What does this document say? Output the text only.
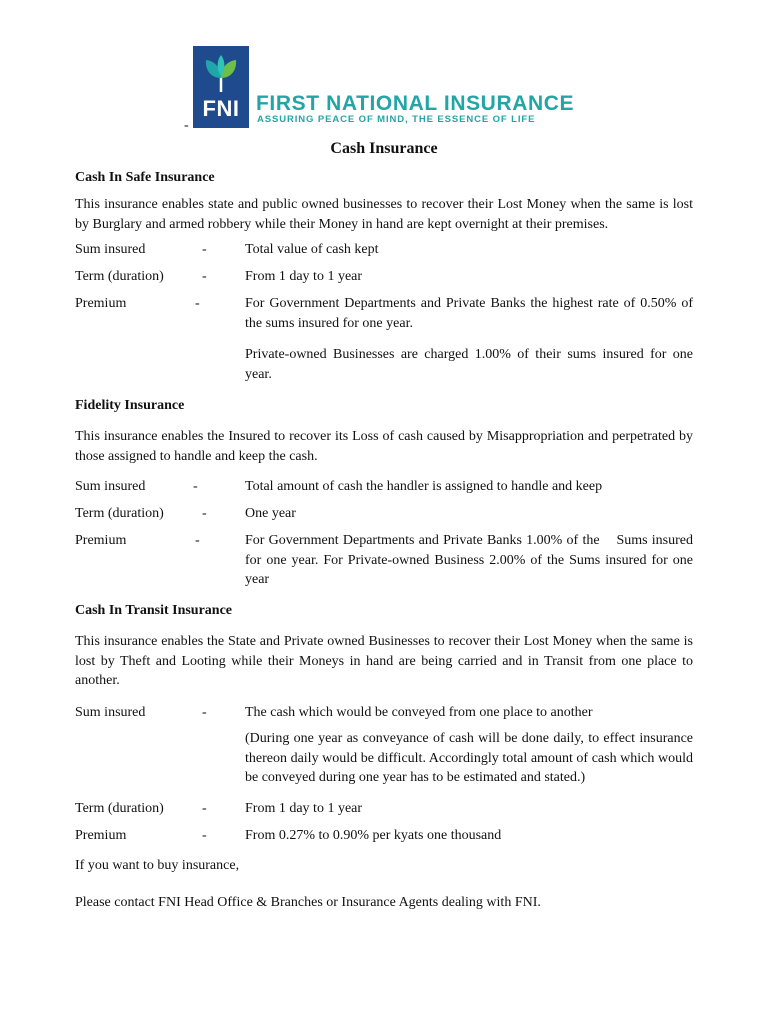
FNI FIRST NATIONAL INSURANCE
ASSURING PEACE OF MIND, THE ESSENCE OF LIFE
-
Cash Insurance
Cash In Safe Insurance
This insurance enables state and public owned businesses to recover their Lost Money when the same is lost by Burglary and armed robbery while their Money in hand are kept overnight at their premises.
Sum insured	-	Total value of cash kept
Term (duration)	-	From 1 day to 1 year
Premium	-	For Government Departments and Private Banks the highest rate of 0.50% of the sums insured for one year.
Private-owned Businesses are charged 1.00% of their sums insured for one year.
Fidelity Insurance
This insurance enables the Insured to recover its Loss of cash caused by Misappropriation and perpetrated by those assigned to handle and keep the cash.
Sum insured	-	Total amount of cash the handler is assigned to handle and keep
Term (duration)	-	One year
Premium	-	For Government Departments and Private Banks 1.00% of the    Sums insured for one year. For Private-owned Business 2.00% of the Sums insured for one year
Cash In Transit Insurance
This insurance enables the State and Private owned Businesses to recover their Lost Money when the same is lost by Theft and Looting while their Moneys in hand are being carried and in Transit from one place to another.
Sum insured	-	The cash which would be conveyed from one place to another
(During one year as conveyance of cash will be done daily, to effect insurance thereon daily would be difficult. Accordingly total amount of cash which would be conveyed during one year has to be estimated and stated.)
Term (duration)	-	From 1 day to 1 year
Premium	-	From 0.27% to 0.90% per kyats one thousand
If you want to buy insurance,
Please contact FNI Head Office & Branches or Insurance Agents dealing with FNI.
